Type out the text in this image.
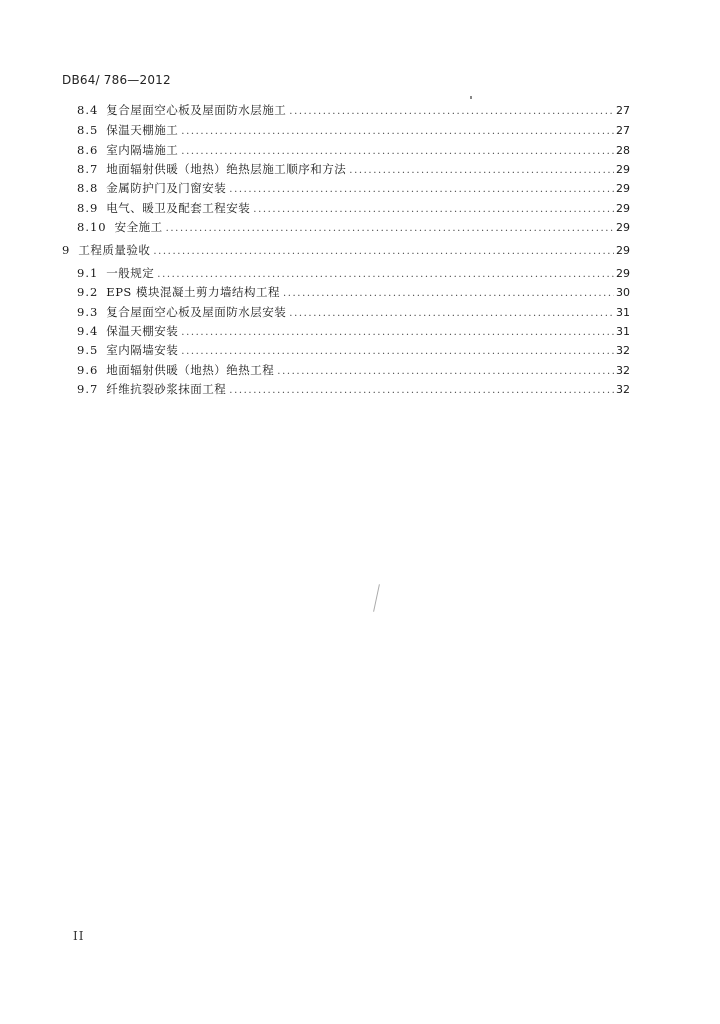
DB64/ 786—2012
8.4 复合屋面空心板及屋面防水层施工 .....	27
8.5 保温天棚施工 .....	27
8.6 室内隔墙施工 .....	28
8.7 地面辐射供暖（地热）绝热层施工顺序和方法 .....	29
8.8 金属防护门及门窗安装 .....	29
8.9 电气、暖卫及配套工程安装 .....	29
8.10 安全施工 .....	29
9 工程质量验收 .....	29
9.1 一般规定 .....	29
9.2 EPS 模块混凝土剪力墙结构工程 .....	30
9.3 复合屋面空心板及屋面防水层安装 .....	31
9.4 保温天棚安装 .....	31
9.5 室内隔墙安装 .....	32
9.6 地面辐射供暖（地热）绝热工程 .....	32
9.7 纤维抗裂砂浆抹面工程 .....	32
II
